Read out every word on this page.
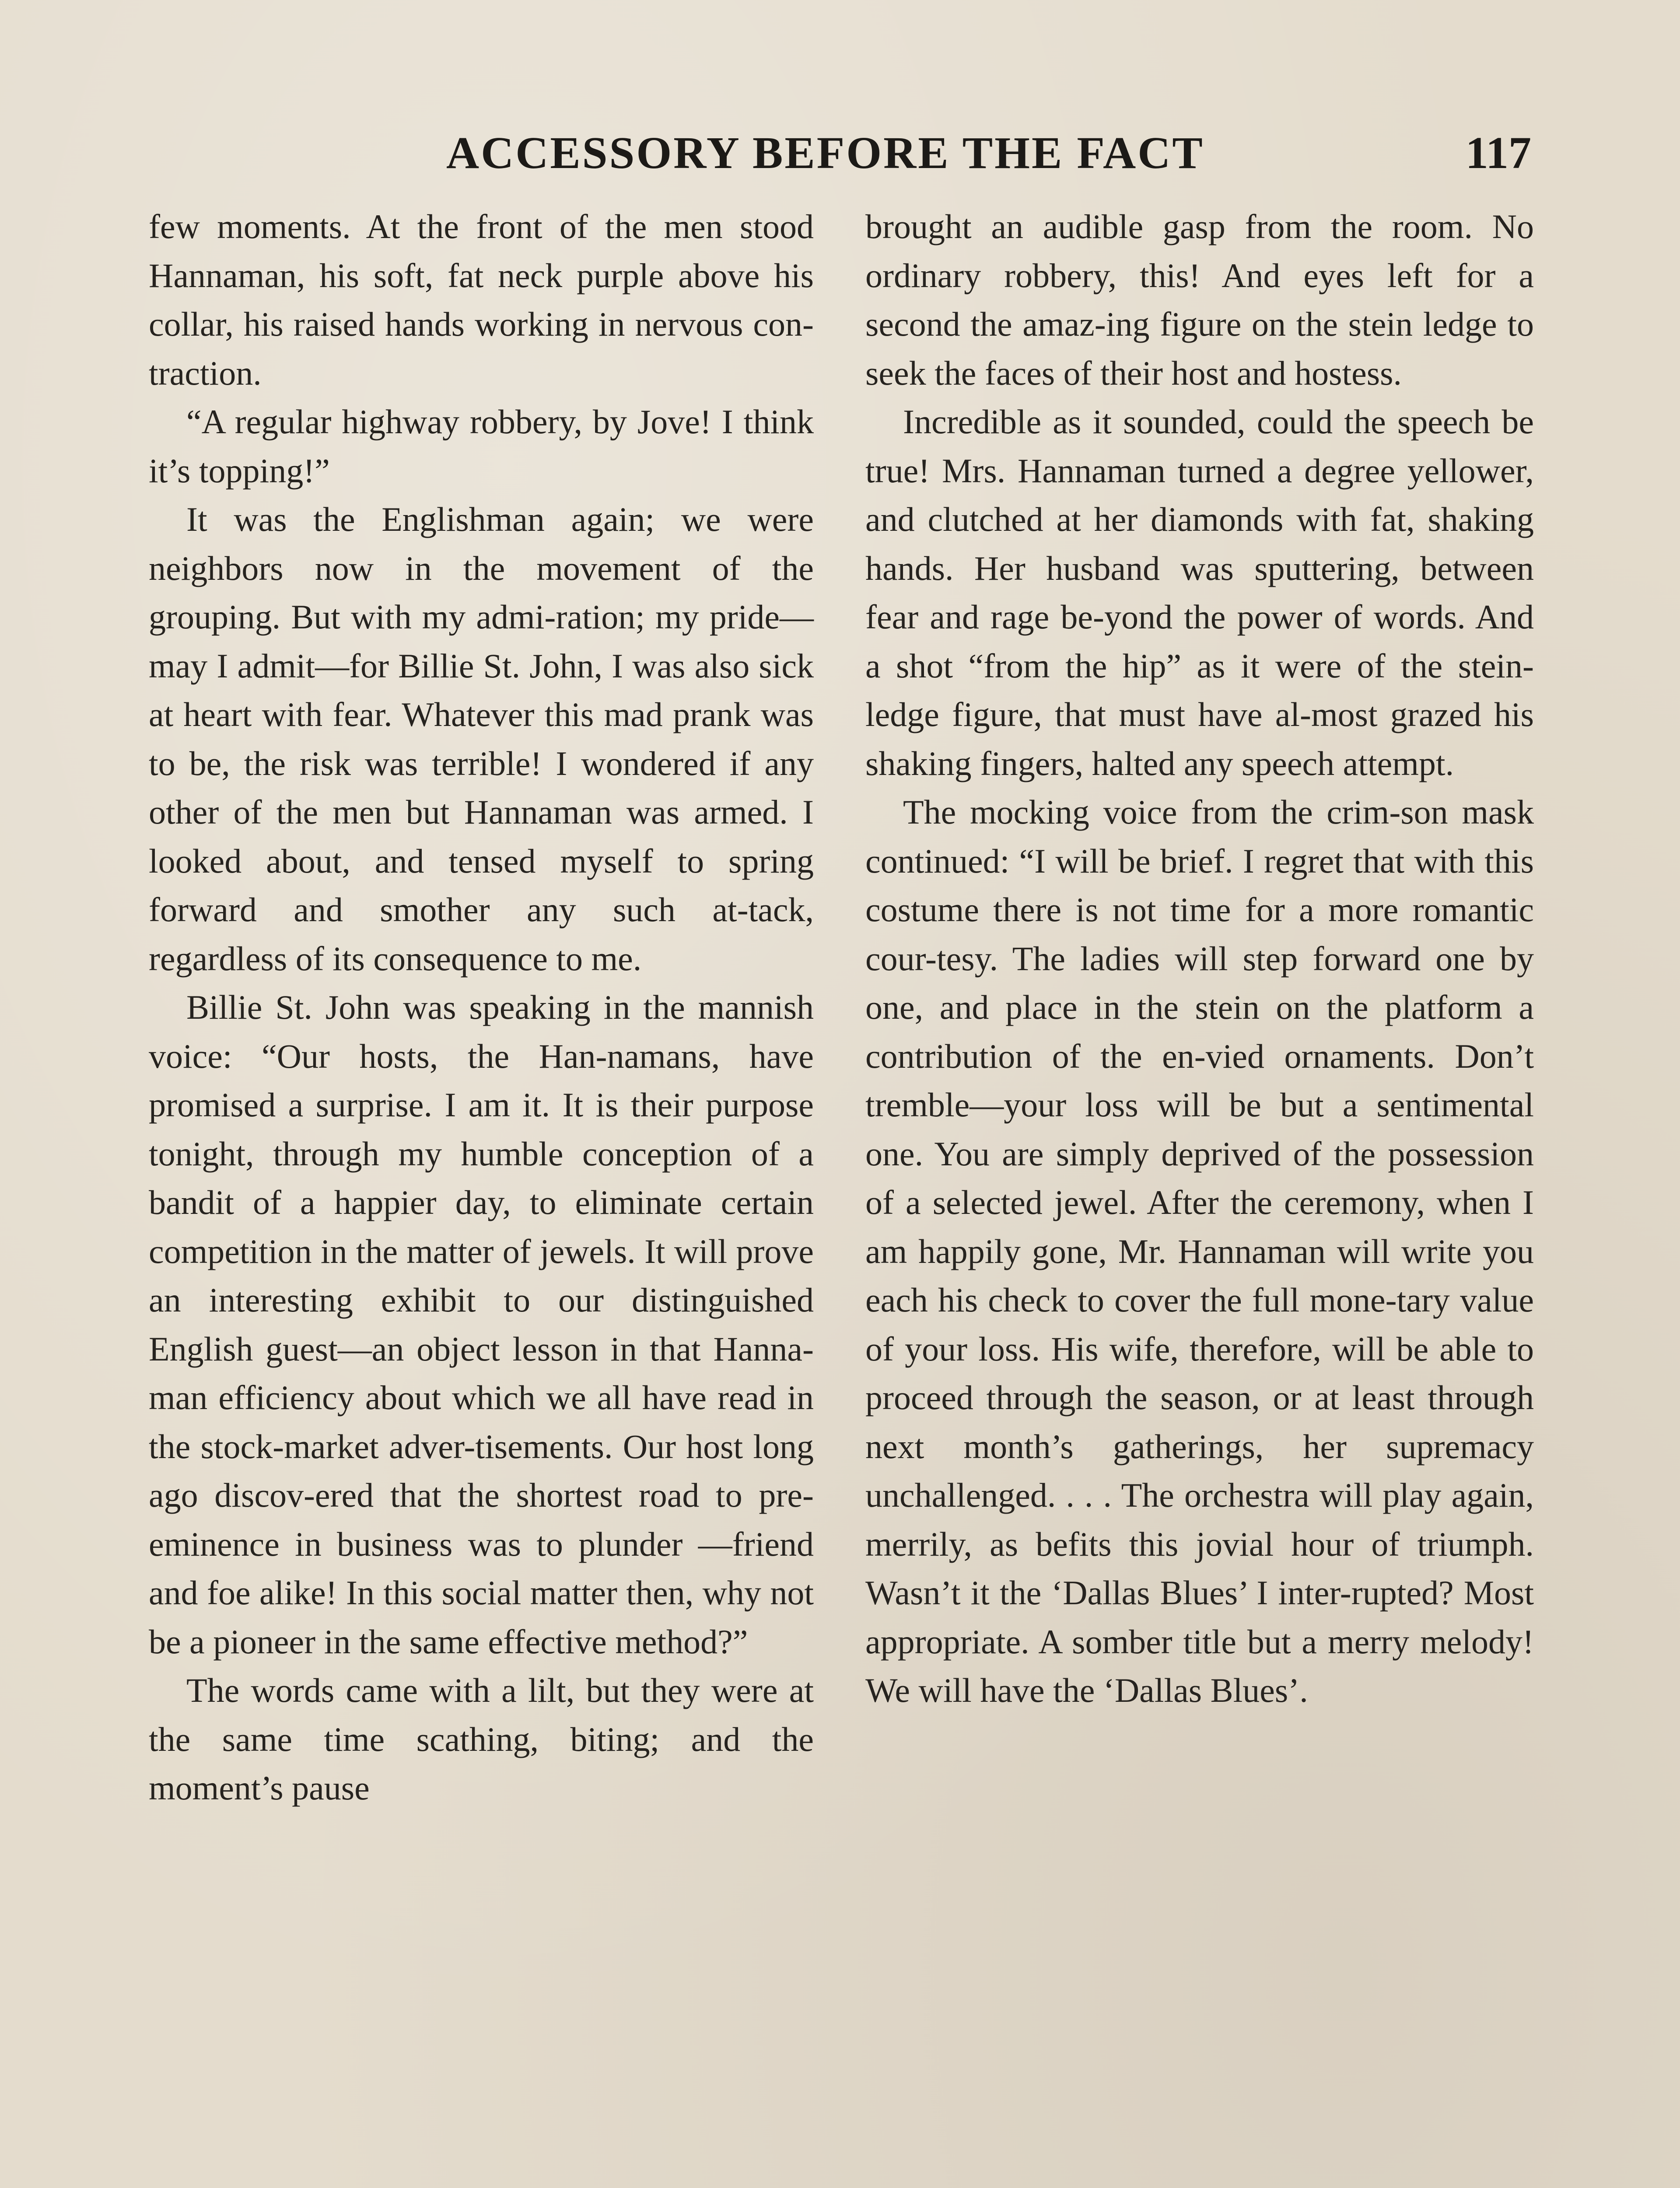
ACCESSORY BEFORE THE FACT	117

few moments. At the front of the men stood Hannaman, his soft, fat neck purple above his collar, his raised hands working in nervous con-traction.

“A regular highway robbery, by Jove! I think it’s topping!”

It was the Englishman again; we were neighbors now in the movement of the grouping. But with my admi-ration; my pride—may I admit—for Billie St. John, I was also sick at heart with fear. Whatever this mad prank was to be, the risk was terrible! I wondered if any other of the men but Hannaman was armed. I looked about, and tensed myself to spring forward and smother any such at-tack, regardless of its consequence to me.

Billie St. John was speaking in the mannish voice: “Our hosts, the Han-namans, have promised a surprise. I am it. It is their purpose tonight, through my humble conception of a bandit of a happier day, to eliminate certain competition in the matter of jewels. It will prove an interesting exhibit to our distinguished English guest—an object lesson in that Hanna-man efficiency about which we all have read in the stock-market adver-tisements. Our host long ago discov-ered that the shortest road to pre-eminence in business was to plunder —friend and foe alike! In this social matter then, why not be a pioneer in the same effective method?”

The words came with a lilt, but they were at the same time scathing, biting; and the moment’s pause

brought an audible gasp from the room. No ordinary robbery, this! And eyes left for a second the amaz-ing figure on the stein ledge to seek the faces of their host and hostess.

Incredible as it sounded, could the speech be true! Mrs. Hannaman turned a degree yellower, and clutched at her diamonds with fat, shaking hands. Her husband was sputtering, between fear and rage be-yond the power of words. And a shot “from the hip” as it were of the stein-ledge figure, that must have al-most grazed his shaking fingers, halted any speech attempt.

The mocking voice from the crim-son mask continued: “I will be brief. I regret that with this costume there is not time for a more romantic cour-tesy. The ladies will step forward one by one, and place in the stein on the platform a contribution of the en-vied ornaments. Don’t tremble—your loss will be but a sentimental one. You are simply deprived of the possession of a selected jewel. After the ceremony, when I am happily gone, Mr. Hannaman will write you each his check to cover the full mone-tary value of your loss. His wife, therefore, will be able to proceed through the season, or at least through next month’s gatherings, her supremacy unchallenged. . . . The orchestra will play again, merrily, as befits this jovial hour of triumph. Wasn’t it the ‘Dallas Blues’ I inter-rupted? Most appropriate. A somber title but a merry melody! We will have the ‘Dallas Blues’.
